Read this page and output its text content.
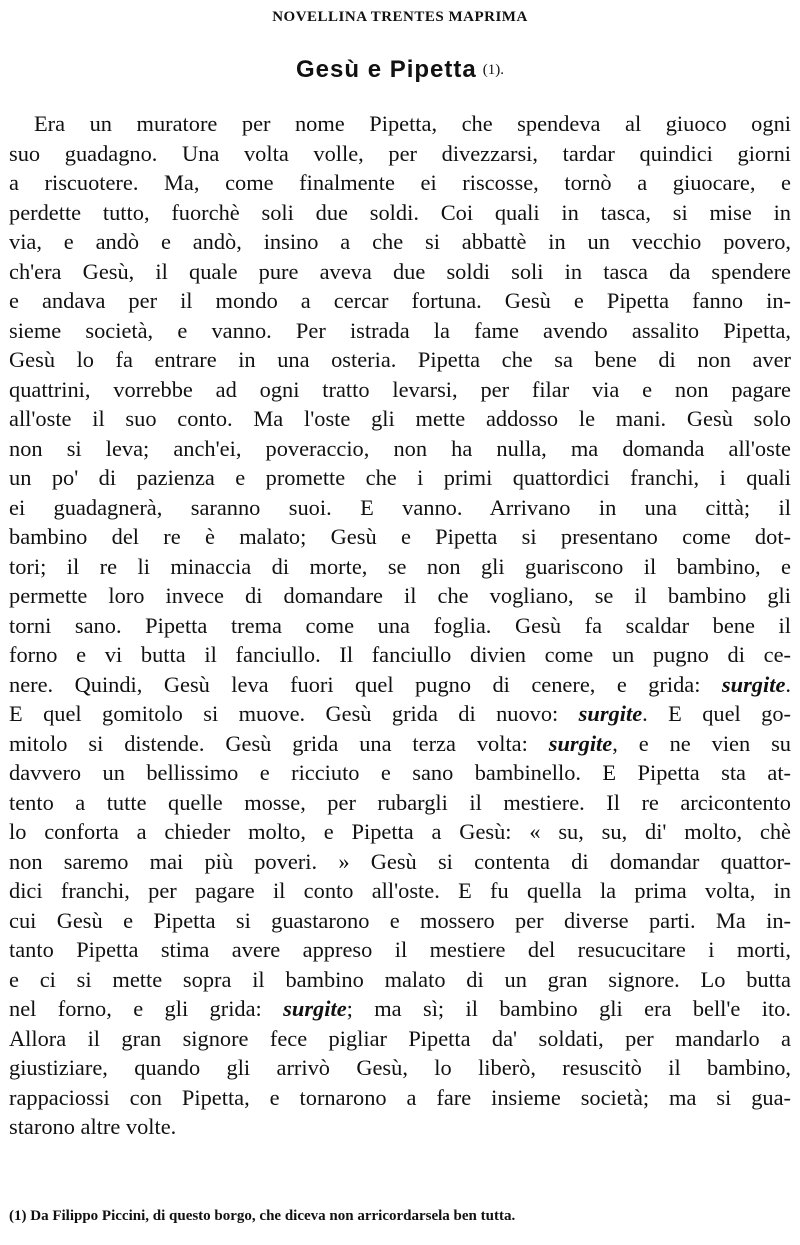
NOVELLINA TRENTES MAPRIMA
Gesù e Pipetta (1).
Era un muratore per nome Pipetta, che spendeva al giuoco ogni
suo guadagno. Una volta volle, per divezzarsi, tardar quindici giorni
a riscuotere. Ma, come finalmente ei riscosse, tornò a giuocare, e
perdette tutto, fuorchè soli due soldi. Coi quali in tasca, si mise in
via, e andò e andò, insino a che si abbattè in un vecchio povero,
ch'era Gesù, il quale pure aveva due soldi soli in tasca da spendere
e andava per il mondo a cercar fortuna. Gesù e Pipetta fanno in-
sieme società, e vanno. Per istrada la fame avendo assalito Pipetta,
Gesù lo fa entrare in una osteria. Pipetta che sa bene di non aver
quattrini, vorrebbe ad ogni tratto levarsi, per filar via e non pagare
all'oste il suo conto. Ma l'oste gli mette addosso le mani. Gesù solo
non si leva; anch'ei, poveraccio, non ha nulla, ma domanda all'oste
un po' di pazienza e promette che i primi quattordici franchi, i quali
ei guadagnerà, saranno suoi. E vanno. Arrivano in una città; il
bambino del re è malato; Gesù e Pipetta si presentano come dot-
tori; il re li minaccia di morte, se non gli guariscono il bambino, e
permette loro invece di domandare il che vogliano, se il bambino gli
torni sano. Pipetta trema come una foglia. Gesù fa scaldar bene il
forno e vi butta il fanciullo. Il fanciullo divien come un pugno di ce-
nere. Quindi, Gesù leva fuori quel pugno di cenere, e grida: surgite.
E quel gomitolo si muove. Gesù grida di nuovo: surgite. E quel go-
mitolo si distende. Gesù grida una terza volta: surgite, e ne vien su
davvero un bellissimo e ricciuto e sano bambinello. E Pipetta sta at-
tento a tutte quelle mosse, per rubargli il mestiere. Il re arcicontento
lo conforta a chieder molto, e Pipetta a Gesù: « su, su, di' molto, chè
non saremo mai più poveri. » Gesù si contenta di domandar quattor-
dici franchi, per pagare il conto all'oste. E fu quella la prima volta, in
cui Gesù e Pipetta si guastarono e mossero per diverse parti. Ma in-
tanto Pipetta stima avere appreso il mestiere del resucucitare i morti,
e ci si mette sopra il bambino malato di un gran signore. Lo butta
nel forno, e gli grida: surgite; ma sì; il bambino gli era bell'e ito.
Allora il gran signore fece pigliar Pipetta da' soldati, per mandarlo a
giustiziare, quando gli arrivò Gesù, lo liberò, resuscitò il bambino,
rappaciossi con Pipetta, e tornarono a fare insieme società; ma si gua-
starono altre volte.
(1) Da Filippo Piccini, di questo borgo, che diceva non arricordarsela ben tutta.
